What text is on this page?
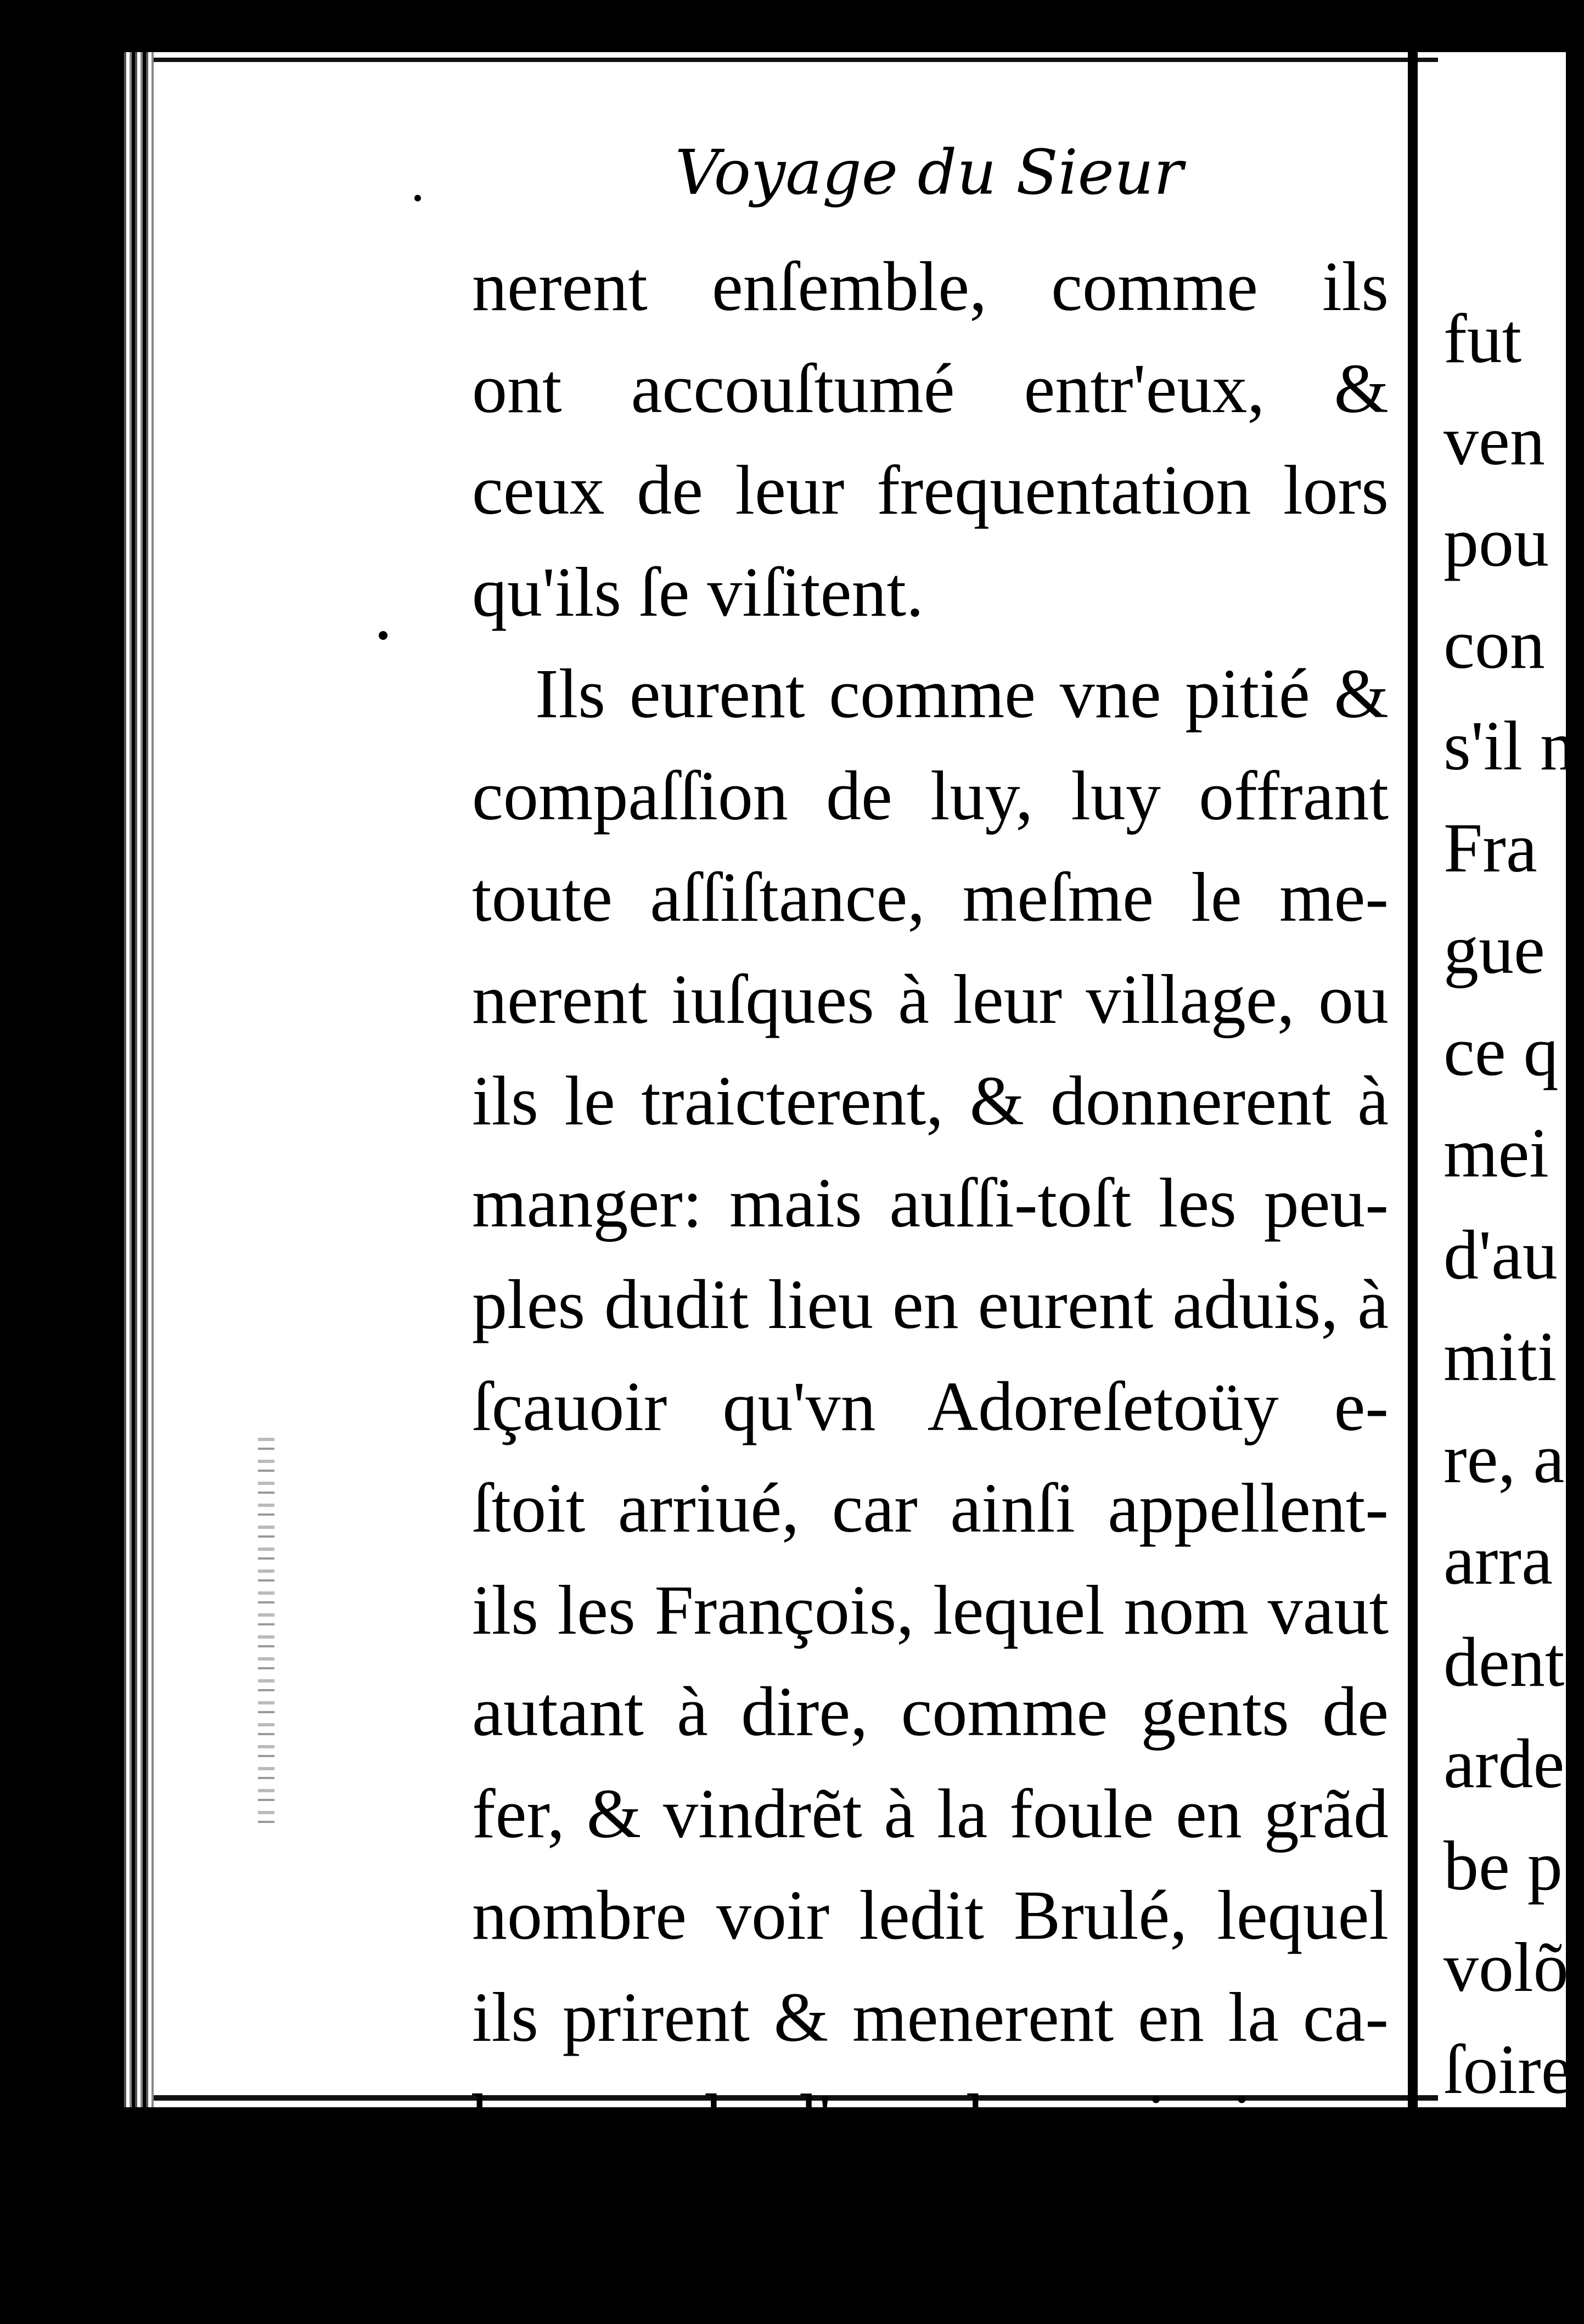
Voyage du Sieur
nerent enſemble, comme ils
ont accouſtumé entr'eux, &
ceux de leur frequentation lors
qu'ils ſe viſitent.
Ils eurent comme vne pitié &
compaſſion de luy, luy offrant
toute aſſiſtance, meſme le me-
nerent iuſques à leur village, ou
ils le traicterent, & donnerent à
manger: mais auſſi-toſt les peu-
ples dudit lieu en eurent aduis, à
ſçauoir qu'vn Adoreſetoüy e-
ſtoit arriué, car ainſi appellent-
ils les François, lequel nom vaut
autant à dire, comme gents de
fer, & vindrẽt à la foule en grãd
nombre voir ledit Brulé, lequel
ils prirent & menerent en la ca-
banne de l'vn des principaux
chefs, ou il fut interrogé, & luy
fut
ven
pou
con
s'il n
Fra
gue
ce q
mei
d'au
miti
re, ai
arra
dent
arde
be p
volõ
ſoire
Agn
col,
